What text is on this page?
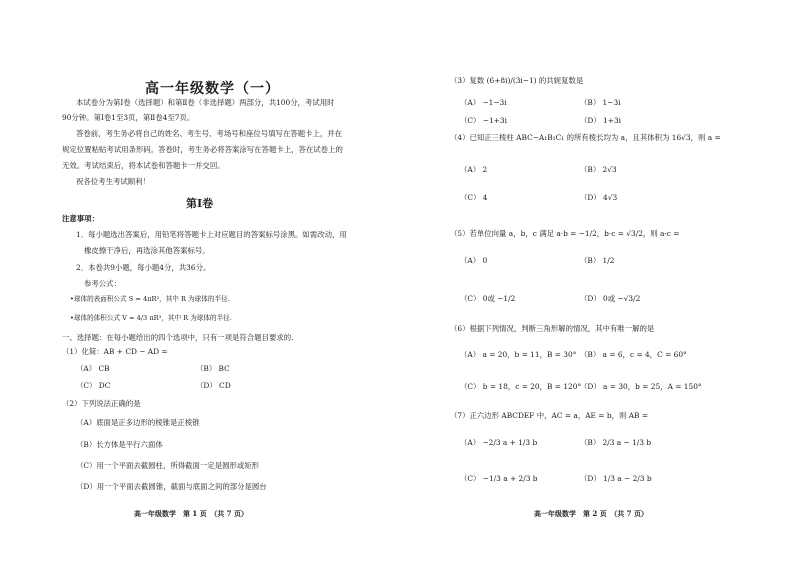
高一年级数学（一）
本试卷分为第Ⅰ卷（选择题）和第Ⅱ卷（非选择题）两部分，共100分，考试用时
90分钟。第Ⅰ卷1至3页，第Ⅱ卷4至7页。
答卷前，考生务必将自己的姓名、考生号、考场号和座位号填写在答题卡上，并在
规定位置粘贴考试用条形码。答卷时，考生务必将答案涂写在答题卡上，答在试卷上的
无效。考试结束后，将本试卷和答题卡一并交回。
祝各位考生考试顺利！
第Ⅰ卷
注意事项：
1．每小题选出答案后，用铅笔将答题卡上对应题目的答案标号涂黑。如需改动，用
橡皮擦干净后，再选涂其他答案标号。
2．本卷共9小题，每小题4分，共36分。
参考公式：
•球体的表面积公式 S = 4πR²，其中 R 为球体的半径.
•球体的体积公式 V = 4/3 πR³，其中 R 为球体的半径.
一、选择题：在每小题给出的四个选项中，只有一项是符合题目要求的.
（1）化简：AB + CD − AD =
（A） CB	（B） BC
（C） DC	（D） CD
（2）下列说法正确的是
（A）底面是正多边形的棱锥是正棱锥
（B）长方体是平行六面体
（C）用一个平面去截圆柱，所得截面一定是圆形或矩形
（D）用一个平面去截圆锥，截面与底面之间的部分是圆台
高一年级数学　第 1 页　（共 7 页）
（3）复数 (6+8i)/(3i−1) 的共轭复数是
（A） −1−3i	（B） 1−3i
（C） −1+3i	（D） 1+3i
（4）已知正三棱柱 ABC−A₁B₁C₁ 的所有棱长均为 a，且其体积为 16√3，则 a =
（A） 2	（B） 2√3
（C） 4	（D） 4√3
（5）若单位向量 a，b，c 满足 a·b = −1/2，b·c = √3/2，则 a·c =
（A） 0	（B） 1/2
（C） 0或 −1/2	（D） 0或 −√3/2
（6）根据下列情况，判断三角形解的情况，其中有唯一解的是
（A） a = 20，b = 11，B = 30° （B） a = 6，c = 4，C = 60°
（C） b = 18，c = 20，B = 120°
（D） a = 30，b = 25，A = 150°
（7）正六边形 ABCDEF 中，AC = a，AE = b，则 AB =
（A） −2/3 a + 1/3 b	（B） 2/3 a − 1/3 b
（C） −1/3 a + 2/3 b	（D） 1/3 a − 2/3 b
高一年级数学　第 2 页　（共 7 页）
